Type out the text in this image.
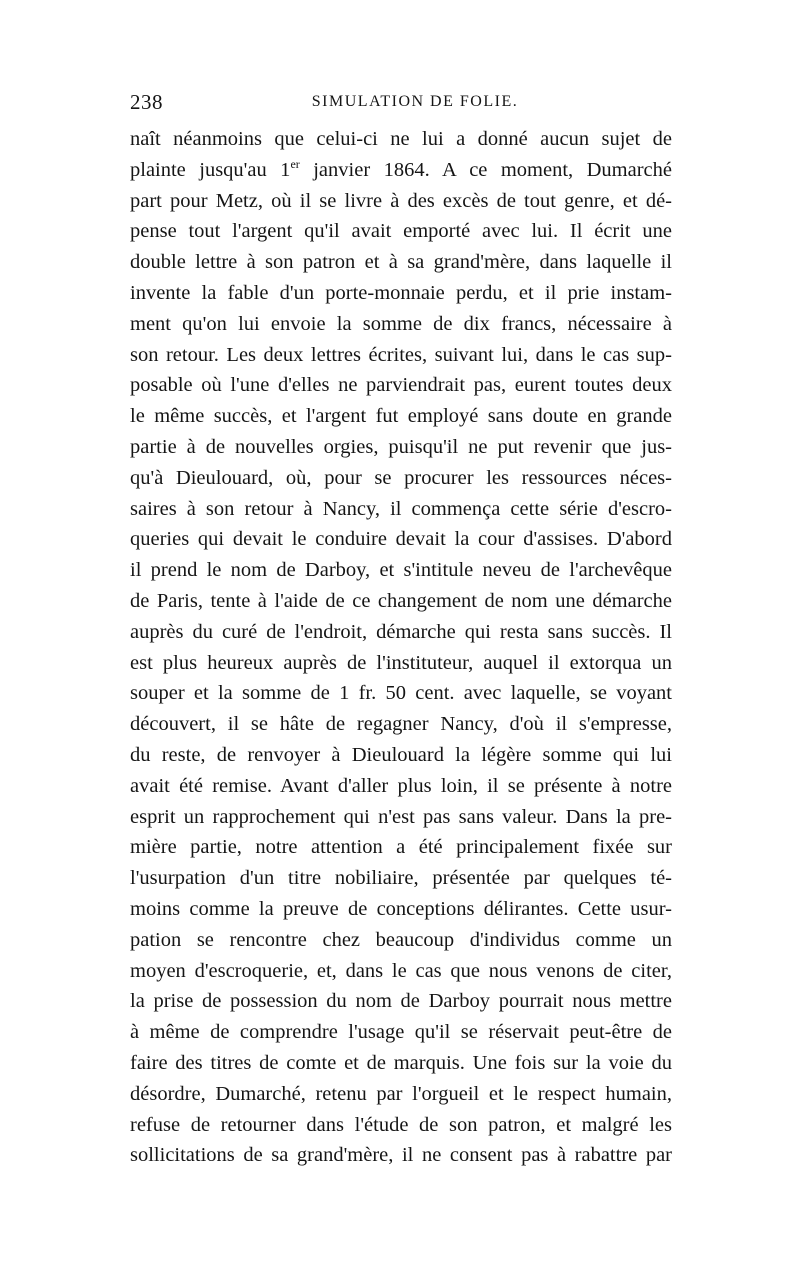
238	SIMULATION DE FOLIE.
naît néanmoins que celui-ci ne lui a donné aucun sujet de
plainte jusqu'au 1er janvier 1864. A ce moment, Dumarché
part pour Metz, où il se livre à des excès de tout genre, et dé-
pense tout l'argent qu'il avait emporté avec lui. Il écrit une
double lettre à son patron et à sa grand'mère, dans laquelle il
invente la fable d'un porte-monnaie perdu, et il prie instam-
ment qu'on lui envoie la somme de dix francs, nécessaire à
son retour. Les deux lettres écrites, suivant lui, dans le cas sup-
posable où l'une d'elles ne parviendrait pas, eurent toutes deux
le même succès, et l'argent fut employé sans doute en grande
partie à de nouvelles orgies, puisqu'il ne put revenir que jus-
qu'à Dieulouard, où, pour se procurer les ressources néces-
saires à son retour à Nancy, il commença cette série d'escro-
queries qui devait le conduire devait la cour d'assises. D'abord
il prend le nom de Darboy, et s'intitule neveu de l'archevêque
de Paris, tente à l'aide de ce changement de nom une démarche
auprès du curé de l'endroit, démarche qui resta sans succès. Il
est plus heureux auprès de l'instituteur, auquel il extorqua un
souper et la somme de 1 fr. 50 cent. avec laquelle, se voyant
découvert, il se hâte de regagner Nancy, d'où il s'empresse,
du reste, de renvoyer à Dieulouard la légère somme qui lui
avait été remise. Avant d'aller plus loin, il se présente à notre
esprit un rapprochement qui n'est pas sans valeur. Dans la pre-
mière partie, notre attention a été principalement fixée sur
l'usurpation d'un titre nobiliaire, présentée par quelques té-
moins comme la preuve de conceptions délirantes. Cette usur-
pation se rencontre chez beaucoup d'individus comme un
moyen d'escroquerie, et, dans le cas que nous venons de citer,
la prise de possession du nom de Darboy pourrait nous mettre
à même de comprendre l'usage qu'il se réservait peut-être de
faire des titres de comte et de marquis. Une fois sur la voie du
désordre, Dumarché, retenu par l'orgueil et le respect humain,
refuse de retourner dans l'étude de son patron, et malgré les
sollicitations de sa grand'mère, il ne consent pas à rabattre par
